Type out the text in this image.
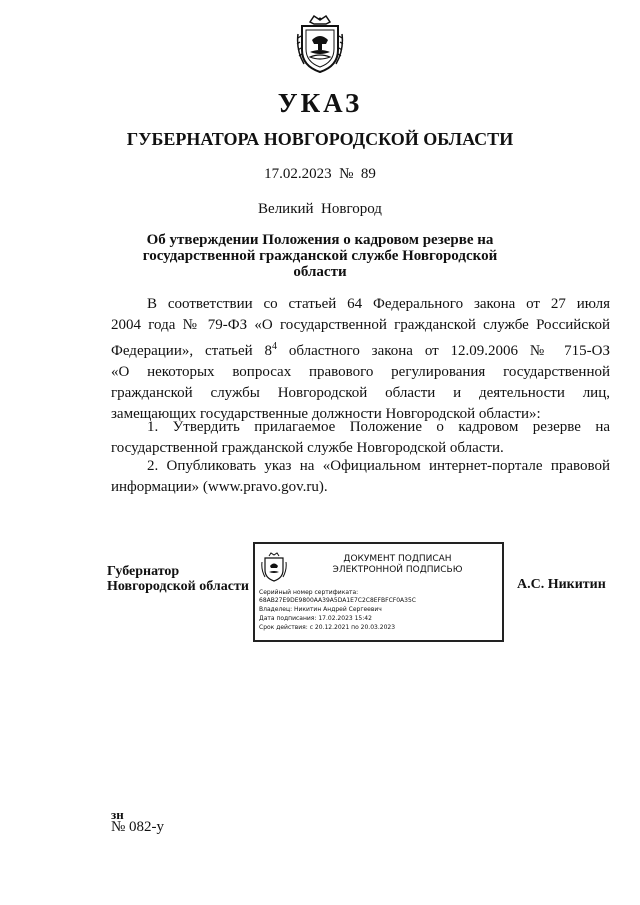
УКАЗ
ГУБЕРНАТОРА НОВГОРОДСКОЙ ОБЛАСТИ
17.02.2023  №  89
Великий  Новгород
Об утверждении Положения о кадровом резерве на государственной гражданской службе Новгородской области
В соответствии со статьей 64 Федерального закона от 27 июля
2004 года № 79-ФЗ «О государственной гражданской службе Российской
Федерации», статьей $8^4$ областного закона от 12.09.2006 № 715-ОЗ
«О некоторых вопросах правового регулирования государственной
гражданской службы Новгородской области и деятельности лиц,
замещающих государственные должности Новгородской области»:
1. Утвердить прилагаемое Положение о кадровом резерве на
государственной гражданской службе Новгородской области.
2. Опубликовать указ на «Официальном интернет-портале правовой
информации» (www.pravo.gov.ru).
Губернатор
Новгородской области
ДОКУМЕНТ ПОДПИСАН
ЭЛЕКТРОННОЙ ПОДПИСЬЮ
Серийный номер сертификата:
68AB27E9DE9800AA39A5DA1E7C2C8EFBFCF0A35C
Владелец: Никитин Андрей Сергеевич
Дата подписания: 17.02.2023 15:42
Срок действия: с 20.12.2021 по 20.03.2023
А.С. Никитин
зн
№ 082-у
